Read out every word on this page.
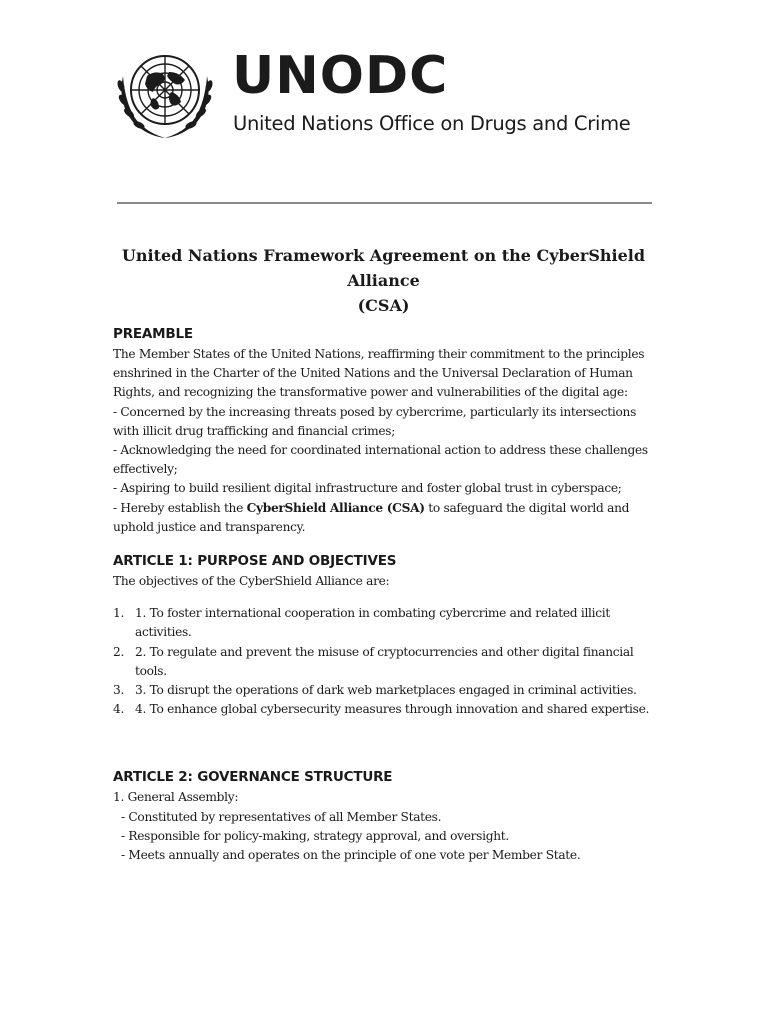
UNODC
United Nations Office on Drugs and Crime
United Nations Framework Agreement on the CyberShield Alliance
(CSA)
PREAMBLE

The Member States of the United Nations, reaffirming their commitment to the principles enshrined in the Charter of the United Nations and the Universal Declaration of Human Rights, and recognizing the transformative power and vulnerabilities of the digital age:

- Concerned by the increasing threats posed by cybercrime, particularly its intersections with illicit drug trafficking and financial crimes;

- Acknowledging the need for coordinated international action to address these challenges effectively;

- Aspiring to build resilient digital infrastructure and foster global trust in cyberspace;

- Hereby establish the CyberShield Alliance (CSA) to safeguard the digital world and uphold justice and transparency.

ARTICLE 1: PURPOSE AND OBJECTIVES

The objectives of the CyberShield Alliance are:

1. 1. To foster international cooperation in combating cybercrime and related illicit activities.
2. 2. To regulate and prevent the misuse of cryptocurrencies and other digital financial tools.
3. 3. To disrupt the operations of dark web marketplaces engaged in criminal activities.
4. 4. To enhance global cybersecurity measures through innovation and shared expertise.
ARTICLE 2: GOVERNANCE STRUCTURE

1. General Assembly:

- Constituted by representatives of all Member States.

- Responsible for policy-making, strategy approval, and oversight.

- Meets annually and operates on the principle of one vote per Member State.
